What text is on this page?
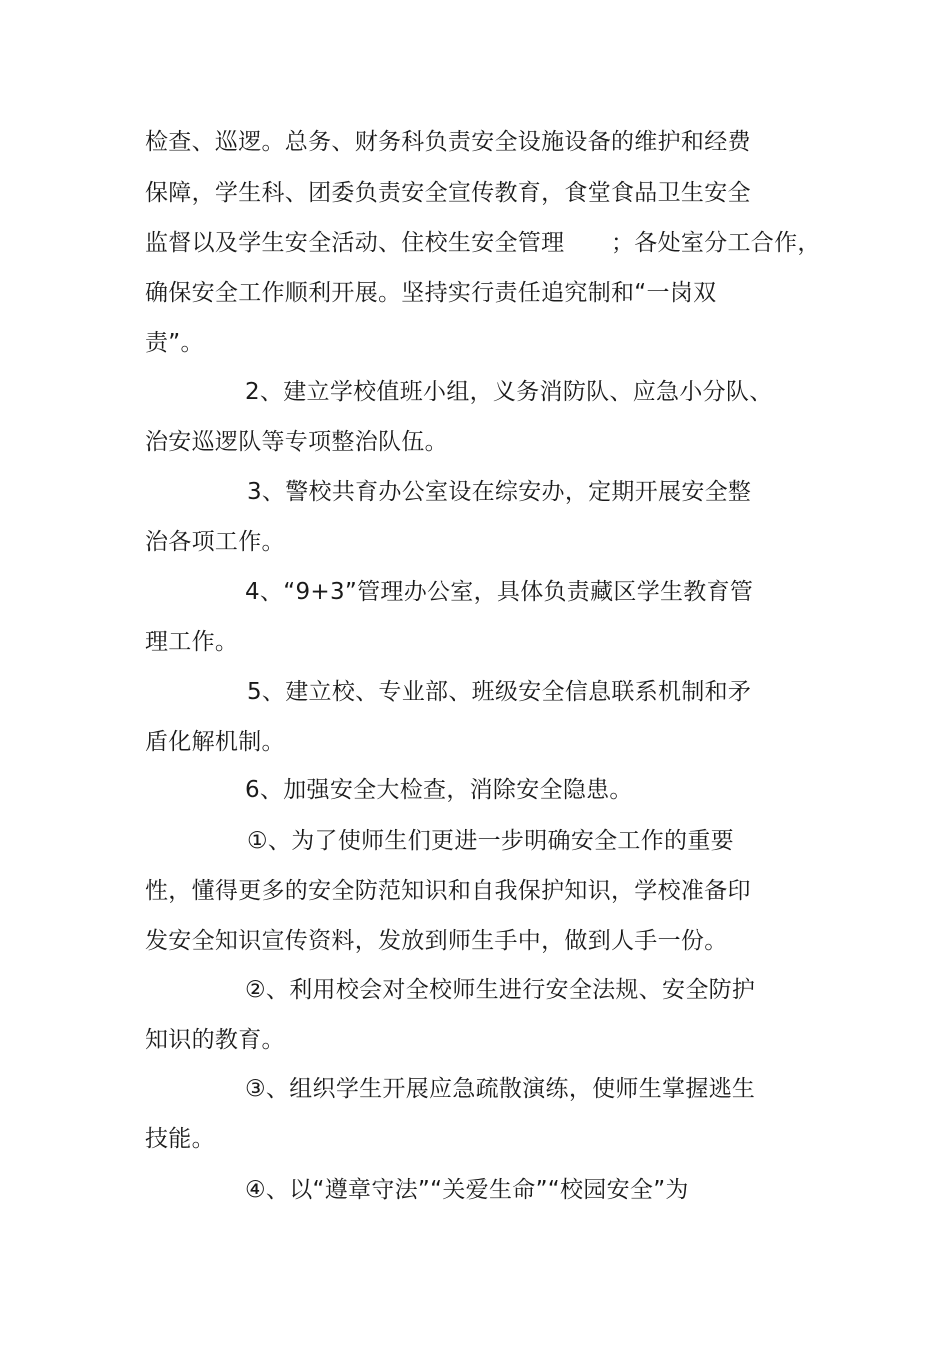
检查、巡逻。总务、财务科负责安全设施设备的维护和经费
保障，学生科、团委负责安全宣传教育，食堂食品卫生安全
监督以及学生安全活动、住校生安全管理　　；各处室分工合作，
确保安全工作顺利开展。坚持实行责任追究制和“一岗双
责”。
2、建立学校值班小组，义务消防队、应急小分队、
治安巡逻队等专项整治队伍。
3、警校共育办公室设在综安办，定期开展安全整
治各项工作。
4、“9+3”管理办公室，具体负责藏区学生教育管
理工作。
5、建立校、专业部、班级安全信息联系机制和矛
盾化解机制。
6、加强安全大检查，消除安全隐患。
①、为了使师生们更进一步明确安全工作的重要
性，懂得更多的安全防范知识和自我保护知识，学校准备印
发安全知识宣传资料，发放到师生手中，做到人手一份。
②、利用校会对全校师生进行安全法规、安全防护
知识的教育。
③、组织学生开展应急疏散演练，使师生掌握逃生
技能。
④、以“遵章守法”“关爱生命”“校园安全”为
